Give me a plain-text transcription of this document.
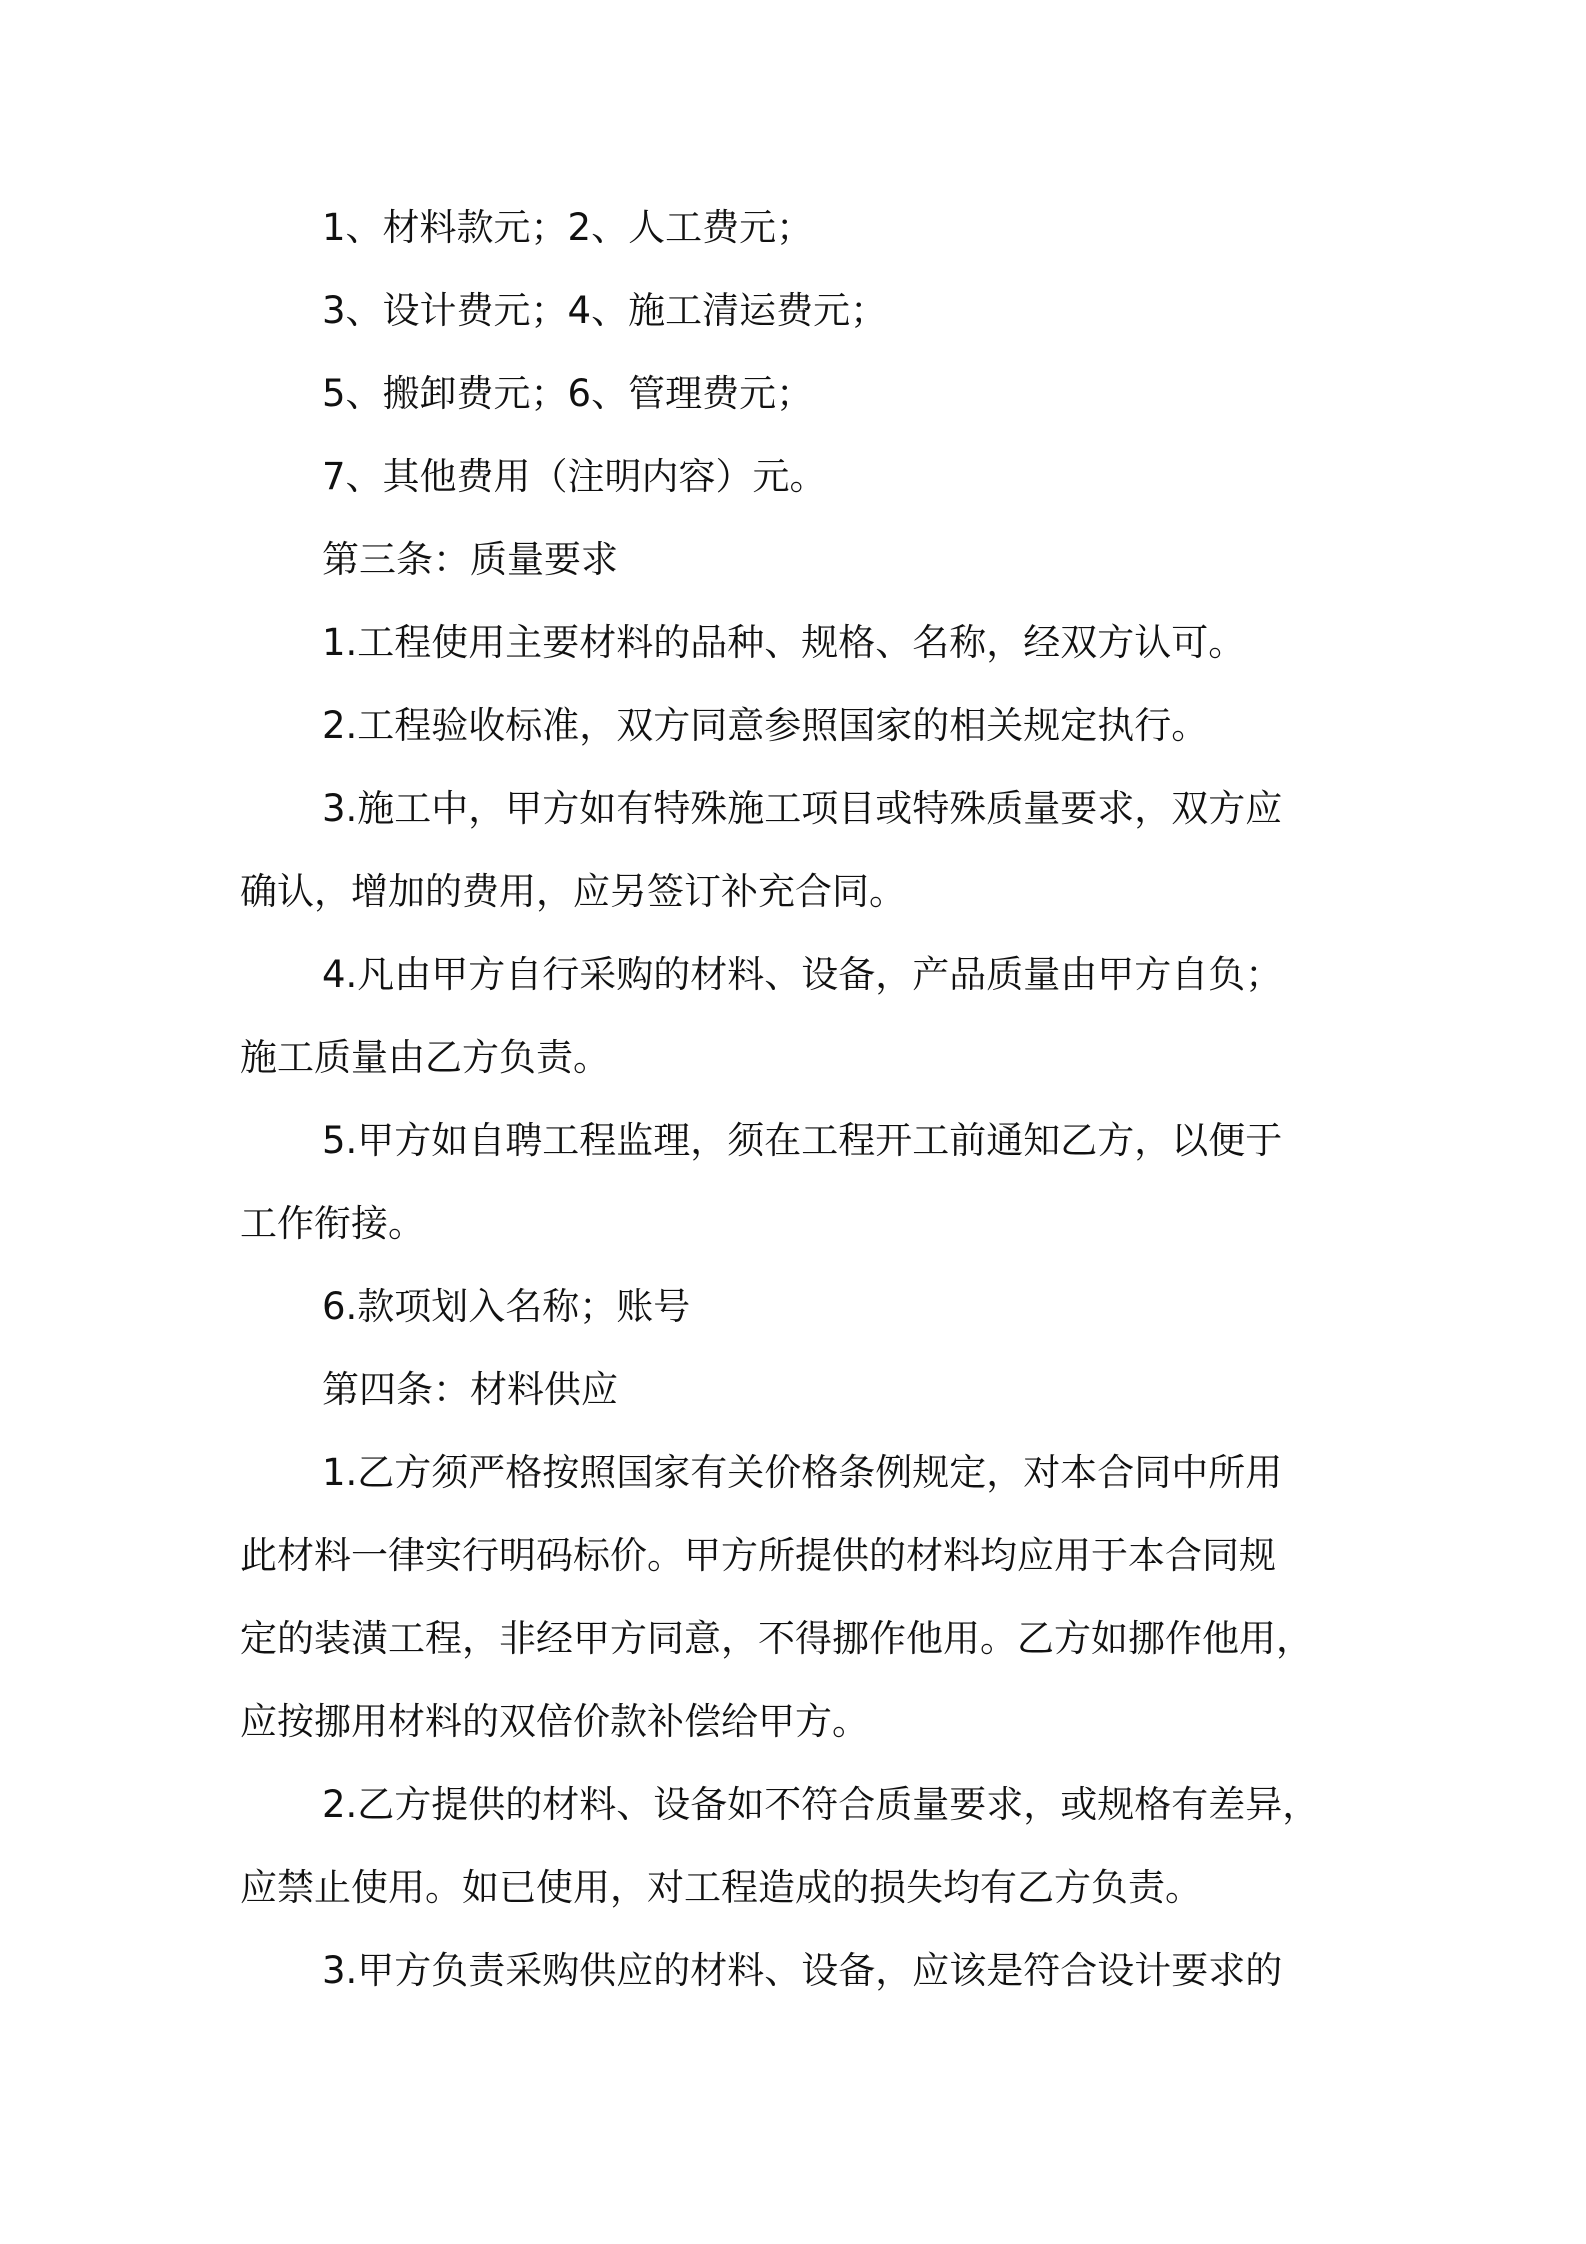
1、材料款元；2、人工费元；
3、设计费元；4、施工清运费元；
5、搬卸费元；6、管理费元；
7、其他费用（注明内容）元。
第三条：质量要求
1.工程使用主要材料的品种、规格、名称，经双方认可。
2.工程验收标准，双方同意参照国家的相关规定执行。
3.施工中，甲方如有特殊施工项目或特殊质量要求，双方应
确认，增加的费用，应另签订补充合同。
4.凡由甲方自行采购的材料、设备，产品质量由甲方自负；
施工质量由乙方负责。
5.甲方如自聘工程监理，须在工程开工前通知乙方，以便于
工作衔接。
6.款项划入名称；账号
第四条：材料供应
1.乙方须严格按照国家有关价格条例规定，对本合同中所用
此材料一律实行明码标价。甲方所提供的材料均应用于本合同规
定的装潢工程，非经甲方同意，不得挪作他用。乙方如挪作他用，
应按挪用材料的双倍价款补偿给甲方。
2.乙方提供的材料、设备如不符合质量要求，或规格有差异，
应禁止使用。如已使用，对工程造成的损失均有乙方负责。
3.甲方负责采购供应的材料、设备，应该是符合设计要求的
